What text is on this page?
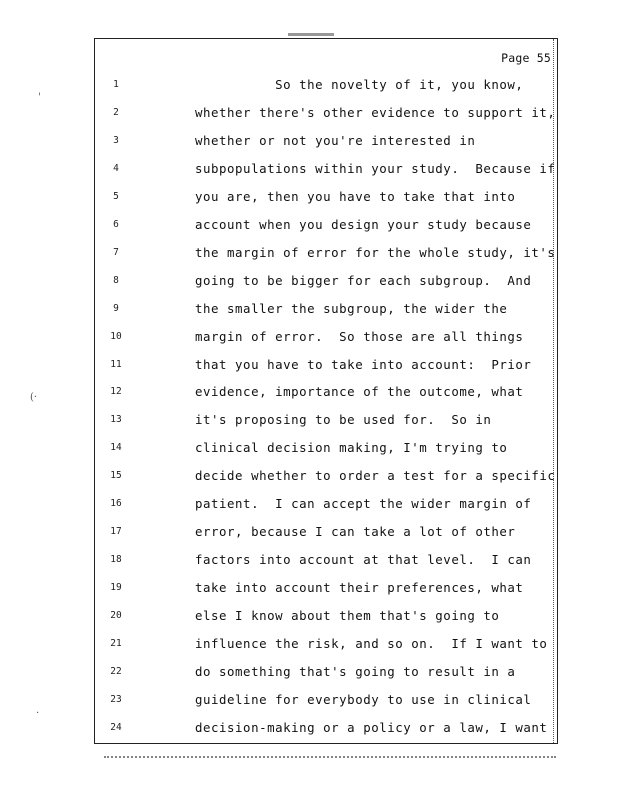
'
(·
·
Page 55
1	So the novelty of it, you know,
2	whether there's other evidence to support it,
3	whether or not you're interested in
4	subpopulations within your study.  Because if
5	you are, then you have to take that into
6	account when you design your study because
7	the margin of error for the whole study, it's
8	going to be bigger for each subgroup.  And
9	the smaller the subgroup, the wider the
10	margin of error.  So those are all things
11	that you have to take into account:  Prior
12	evidence, importance of the outcome, what
13	it's proposing to be used for.  So in
14	clinical decision making, I'm trying to
15	decide whether to order a test for a specific
16	patient.  I can accept the wider margin of
17	error, because I can take a lot of other
18	factors into account at that level.  I can
19	take into account their preferences, what
20	else I know about them that's going to
21	influence the risk, and so on.  If I want to
22	do something that's going to result in a
23	guideline for everybody to use in clinical
24	decision-making or a policy or a law, I want
